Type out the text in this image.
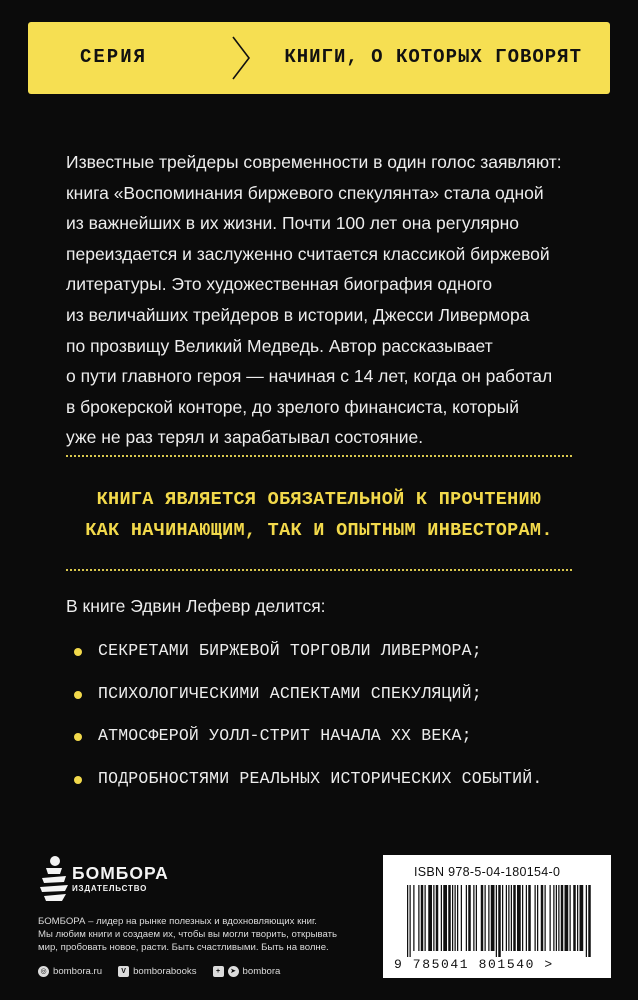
СЕРИЯ	КНИГИ, О КОТОРЫХ ГОВОРЯТ
Известные трейдеры современности в один голос заявляют:
книга «Воспоминания биржевого спекулянта» стала одной
из важнейших в их жизни. Почти 100 лет она регулярно
переиздается и заслуженно считается классикой биржевой
литературы. Это художественная биография одного
из величайших трейдеров в истории, Джесси Ливермора
по прозвищу Великий Медведь. Автор рассказывает
о пути главного героя — начиная с 14 лет, когда он работал
в брокерской конторе, до зрелого финансиста, который
уже не раз терял и зарабатывал состояние.
КНИГА ЯВЛЯЕТСЯ ОБЯЗАТЕЛЬНОЙ К ПРОЧТЕНИЮ
КАК НАЧИНАЮЩИМ, ТАК И ОПЫТНЫМ ИНВЕСТОРАМ.
В книге Эдвин Лефевр делится:
СЕКРЕТАМИ БИРЖЕВОЙ ТОРГОВЛИ ЛИВЕРМОРА;
ПСИХОЛОГИЧЕСКИМИ АСПЕКТАМИ СПЕКУЛЯЦИЙ;
АТМОСФЕРОЙ УОЛЛ-СТРИТ НАЧАЛА XX ВЕКА;
ПОДРОБНОСТЯМИ РЕАЛЬНЫХ ИСТОРИЧЕСКИХ СОБЫТИЙ.
БОМБОРА
ИЗДАТЕЛЬСТВО
БОМБОРА – лидер на рынке полезных и вдохновляющих книг.
Мы любим книги и создаем их, чтобы вы могли творить, открывать
мир, пробовать новое, расти. Быть счастливыми. Быть на волне.
◎ bombora.ru	V bomborabooks	+	➤ bombora
ISBN 978-5-04-180154-0
9 785041 801540 >
